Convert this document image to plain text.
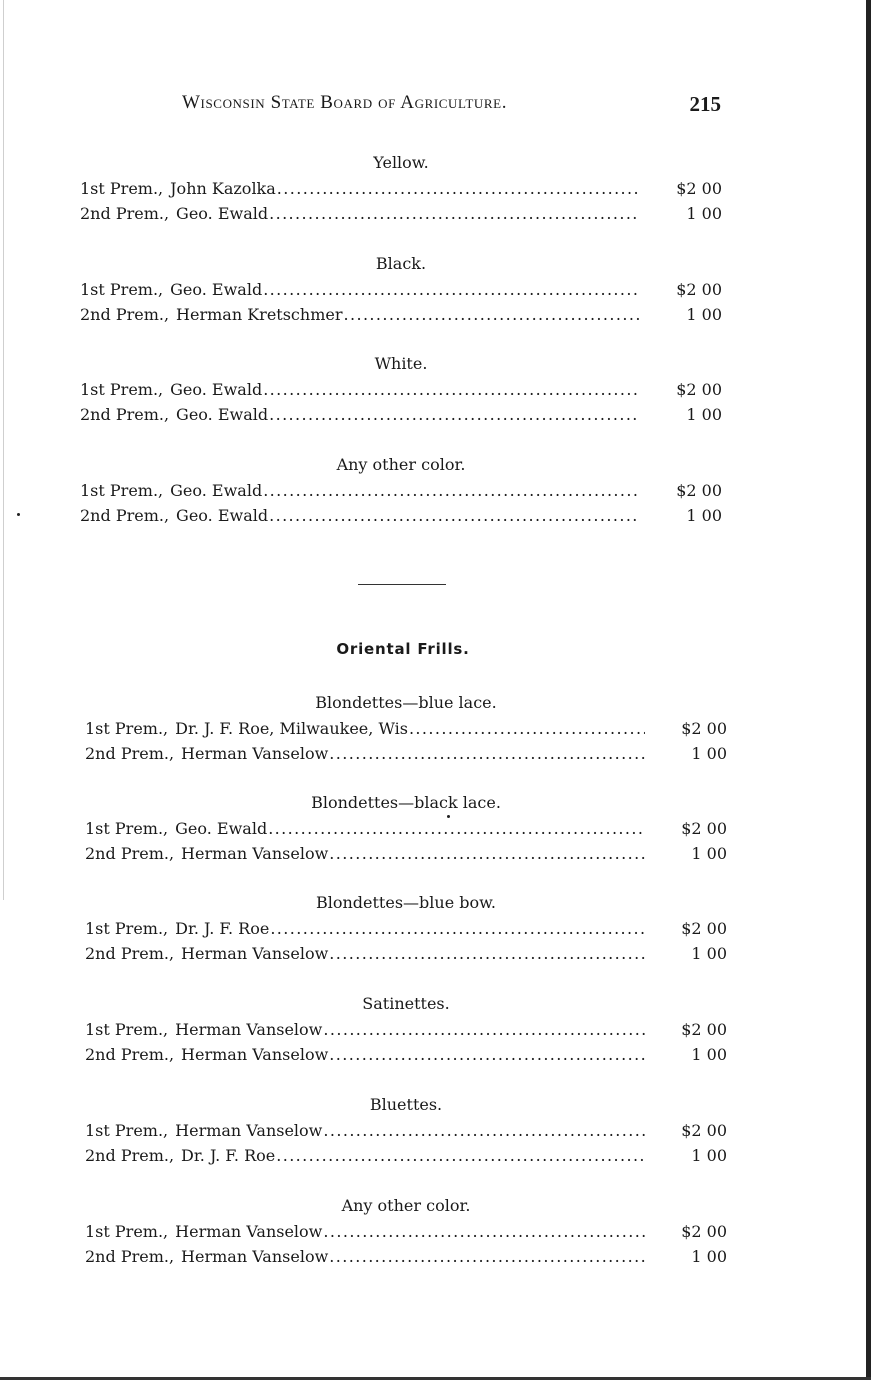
Wisconsin State Board of Agriculture.	215
Yellow.
1st Prem., John Kazolka .....	$2 00
2nd Prem., Geo. Ewald .....	1 00
Black.
1st Prem., Geo. Ewald .....	$2 00
2nd Prem., Herman Kretschmer .....	1 00
White.
1st Prem., Geo. Ewald .....	$2 00
2nd Prem., Geo. Ewald .....	1 00
Any other color.
1st Prem., Geo. Ewald .....	$2 00
2nd Prem., Geo. Ewald .....	1 00
Oriental Frills.
Blondettes—blue lace.
1st Prem., Dr. J. F. Roe, Milwaukee, Wis .....	$2 00
2nd Prem., Herman Vanselow .....	1 00
Blondettes—black lace.
1st Prem., Geo. Ewald .....	$2 00
2nd Prem., Herman Vanselow .....	1 00
Blondettes—blue bow.
1st Prem., Dr. J. F. Roe .....	$2 00
2nd Prem., Herman Vanselow .....	1 00
Satinettes.
1st Prem., Herman Vanselow .....	$2 00
2nd Prem., Herman Vanselow .....	1 00
Bluettes.
1st Prem., Herman Vanselow .....	$2 00
2nd Prem., Dr. J. F. Roe .....	1 00
Any other color.
1st Prem., Herman Vanselow .....	$2 00
2nd Prem., Herman Vanselow .....	1 00
